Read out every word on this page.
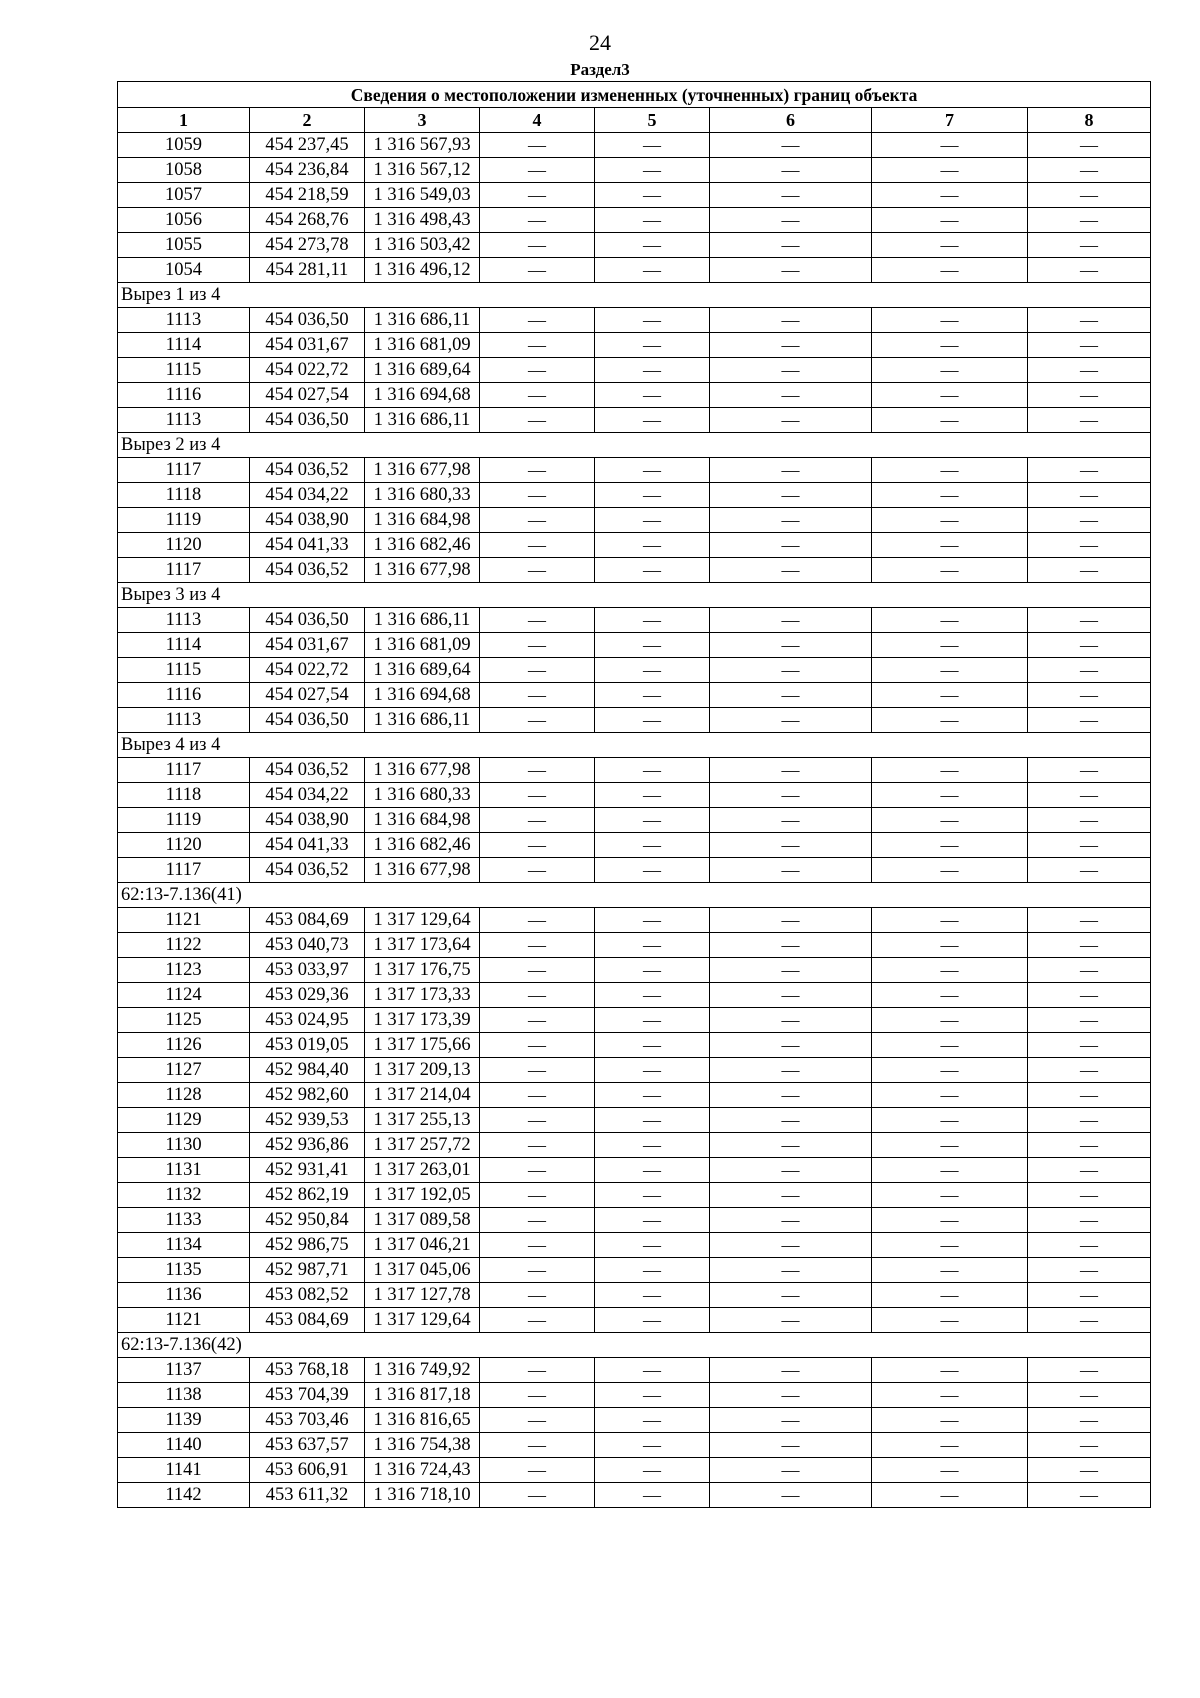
24
Раздел3
Сведения о местоположении измененных (уточненных) границ объекта							
1	2	3	4	5	6	7	8
1059	454 237,45	1 316 567,93	—	—	—	—	—
1058	454 236,84	1 316 567,12	—	—	—	—	—
1057	454 218,59	1 316 549,03	—	—	—	—	—
1056	454 268,76	1 316 498,43	—	—	—	—	—
1055	454 273,78	1 316 503,42	—	—	—	—	—
1054	454 281,11	1 316 496,12	—	—	—	—	—
Вырез 1 из 4							
1113	454 036,50	1 316 686,11	—	—	—	—	—
1114	454 031,67	1 316 681,09	—	—	—	—	—
1115	454 022,72	1 316 689,64	—	—	—	—	—
1116	454 027,54	1 316 694,68	—	—	—	—	—
1113	454 036,50	1 316 686,11	—	—	—	—	—
Вырез 2 из 4							
1117	454 036,52	1 316 677,98	—	—	—	—	—
1118	454 034,22	1 316 680,33	—	—	—	—	—
1119	454 038,90	1 316 684,98	—	—	—	—	—
1120	454 041,33	1 316 682,46	—	—	—	—	—
1117	454 036,52	1 316 677,98	—	—	—	—	—
Вырез 3 из 4							
1113	454 036,50	1 316 686,11	—	—	—	—	—
1114	454 031,67	1 316 681,09	—	—	—	—	—
1115	454 022,72	1 316 689,64	—	—	—	—	—
1116	454 027,54	1 316 694,68	—	—	—	—	—
1113	454 036,50	1 316 686,11	—	—	—	—	—
Вырез 4 из 4							
1117	454 036,52	1 316 677,98	—	—	—	—	—
1118	454 034,22	1 316 680,33	—	—	—	—	—
1119	454 038,90	1 316 684,98	—	—	—	—	—
1120	454 041,33	1 316 682,46	—	—	—	—	—
1117	454 036,52	1 316 677,98	—	—	—	—	—
62:13-7.136(41)							
1121	453 084,69	1 317 129,64	—	—	—	—	—
1122	453 040,73	1 317 173,64	—	—	—	—	—
1123	453 033,97	1 317 176,75	—	—	—	—	—
1124	453 029,36	1 317 173,33	—	—	—	—	—
1125	453 024,95	1 317 173,39	—	—	—	—	—
1126	453 019,05	1 317 175,66	—	—	—	—	—
1127	452 984,40	1 317 209,13	—	—	—	—	—
1128	452 982,60	1 317 214,04	—	—	—	—	—
1129	452 939,53	1 317 255,13	—	—	—	—	—
1130	452 936,86	1 317 257,72	—	—	—	—	—
1131	452 931,41	1 317 263,01	—	—	—	—	—
1132	452 862,19	1 317 192,05	—	—	—	—	—
1133	452 950,84	1 317 089,58	—	—	—	—	—
1134	452 986,75	1 317 046,21	—	—	—	—	—
1135	452 987,71	1 317 045,06	—	—	—	—	—
1136	453 082,52	1 317 127,78	—	—	—	—	—
1121	453 084,69	1 317 129,64	—	—	—	—	—
62:13-7.136(42)							
1137	453 768,18	1 316 749,92	—	—	—	—	—
1138	453 704,39	1 316 817,18	—	—	—	—	—
1139	453 703,46	1 316 816,65	—	—	—	—	—
1140	453 637,57	1 316 754,38	—	—	—	—	—
1141	453 606,91	1 316 724,43	—	—	—	—	—
1142	453 611,32	1 316 718,10	—	—	—	—	—
